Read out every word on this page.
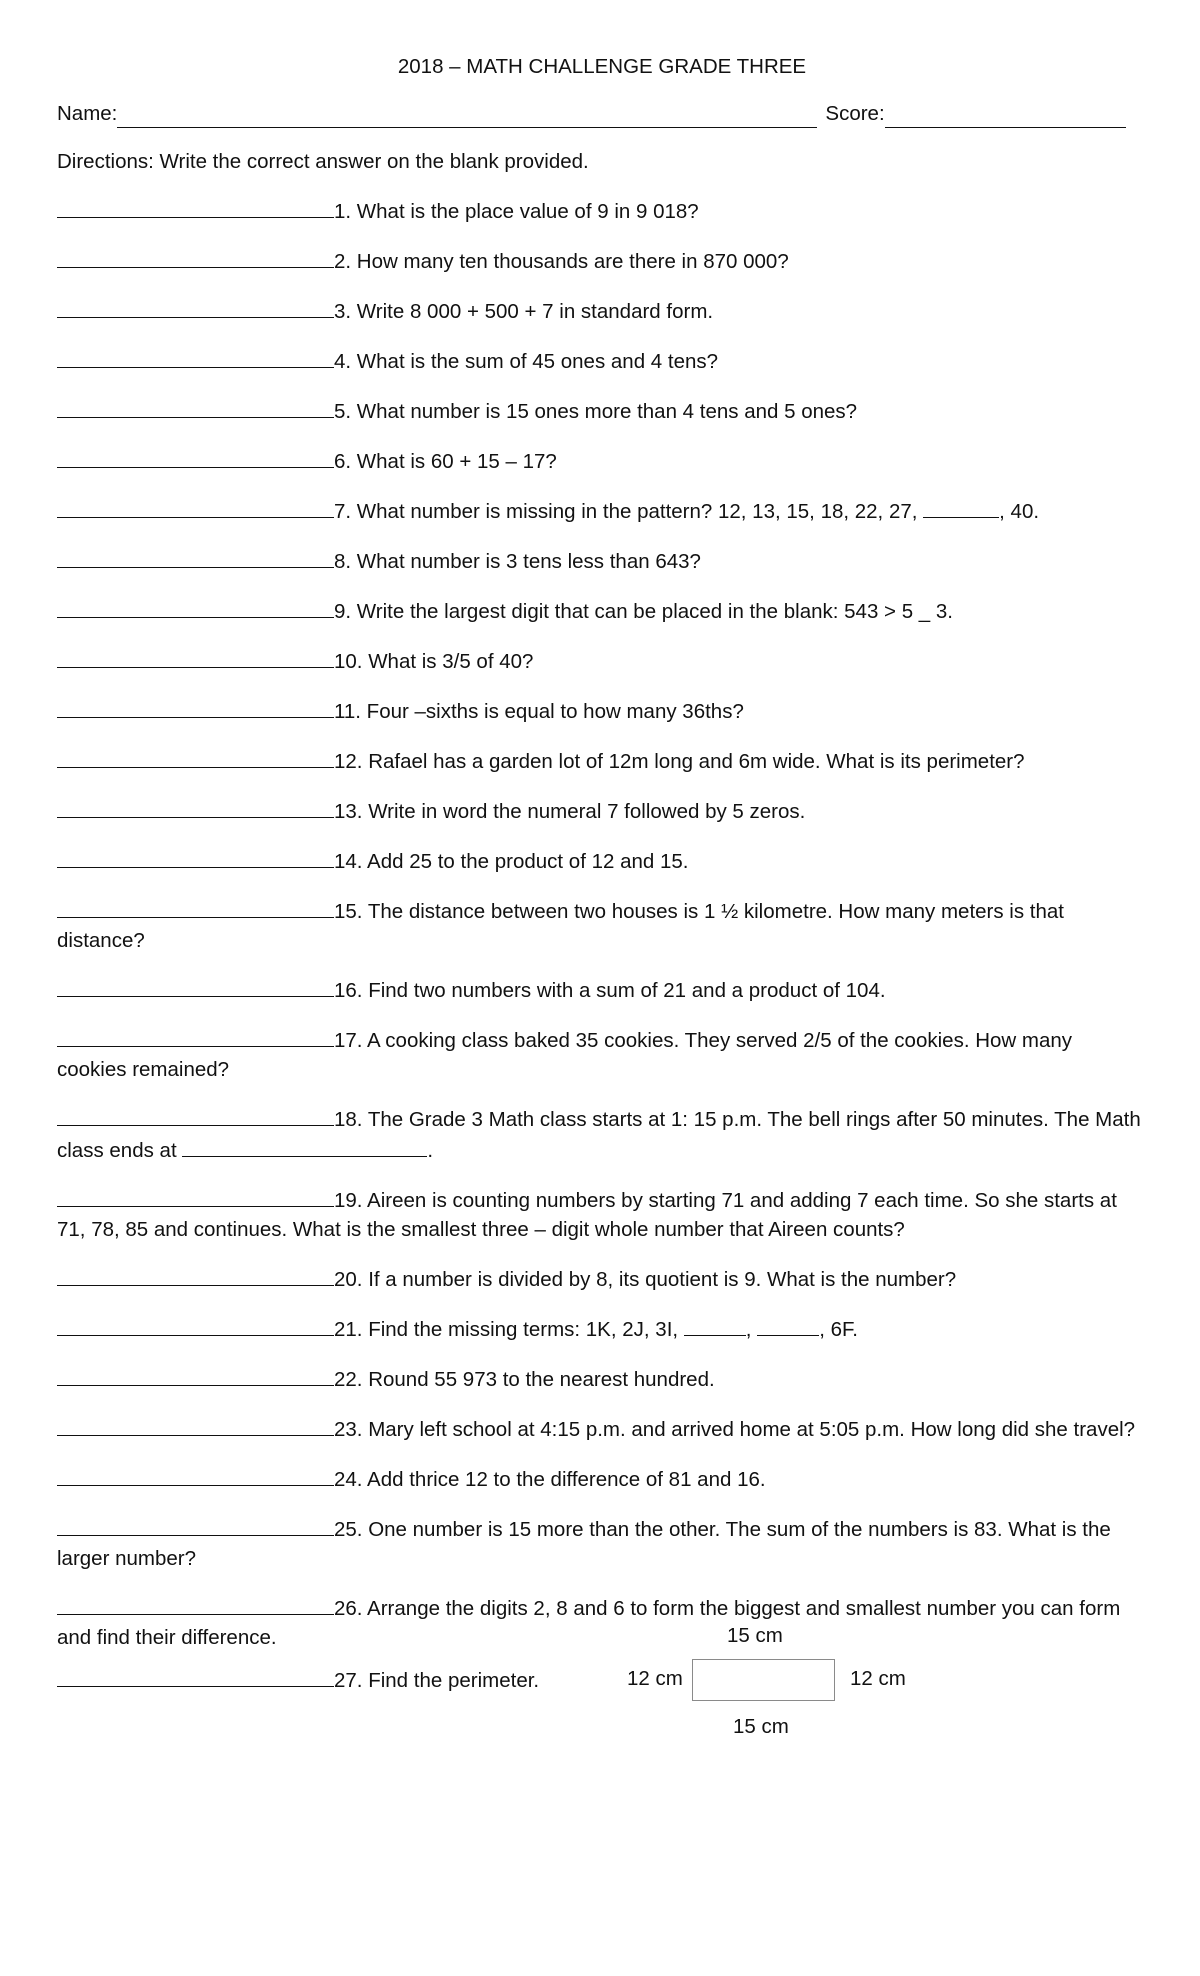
2018 – MATH CHALLENGE GRADE THREE
Name:	Score:
Directions: Write the correct answer on the blank provided.
1. What is the place value of 9 in 9 018?
2. How many ten thousands are there in 870 000?
3. Write 8 000 + 500 + 7 in standard form.
4. What is the sum of 45 ones and 4 tens?
5. What number is 15 ones more than 4 tens and 5 ones?
6. What is 60 + 15 – 17?
7. What number is missing in the pattern? 12, 13, 15, 18, 22, 27,	, 40.
8. What number is 3 tens less than 643?
9. Write the largest digit that can be placed in the blank: 543 > 5 _ 3.
10. What is 3/5 of 40?
11. Four –sixths is equal to how many 36ths?
12. Rafael has a garden lot of 12m long and 6m wide. What is its perimeter?
13. Write in word the numeral 7 followed by 5 zeros.
14. Add 25 to the product of 12 and 15.
15. The distance between two houses is 1 ½ kilometre. How many meters is that distance?
16. Find two numbers with a sum of 21 and a product of 104.
17. A cooking class baked 35 cookies. They served 2/5 of the cookies. How many cookies remained?
18. The Grade 3 Math class starts at 1: 15 p.m. The bell rings after 50 minutes. The Math class ends at	.
19. Aireen is counting numbers by starting 71 and adding 7 each time. So she starts at 71, 78, 85 and continues. What is the smallest three – digit whole number that Aireen counts?
20. If a number is divided by 8, its quotient is 9. What is the number?
21. Find the missing terms: 1K, 2J, 3I,	,	, 6F.
22. Round 55 973 to the nearest hundred.
23. Mary left school at 4:15 p.m. and arrived home at 5:05 p.m. How long did she travel?
24. Add thrice 12 to the difference of 81 and 16.
25. One number is 15 more than the other. The sum of the numbers is 83. What is the larger number?
26. Arrange the digits 2, 8 and 6 to form the biggest and smallest number you can form and find their difference.	15 cm
27. Find the perimeter.	12 cm	12 cm
15 cm
